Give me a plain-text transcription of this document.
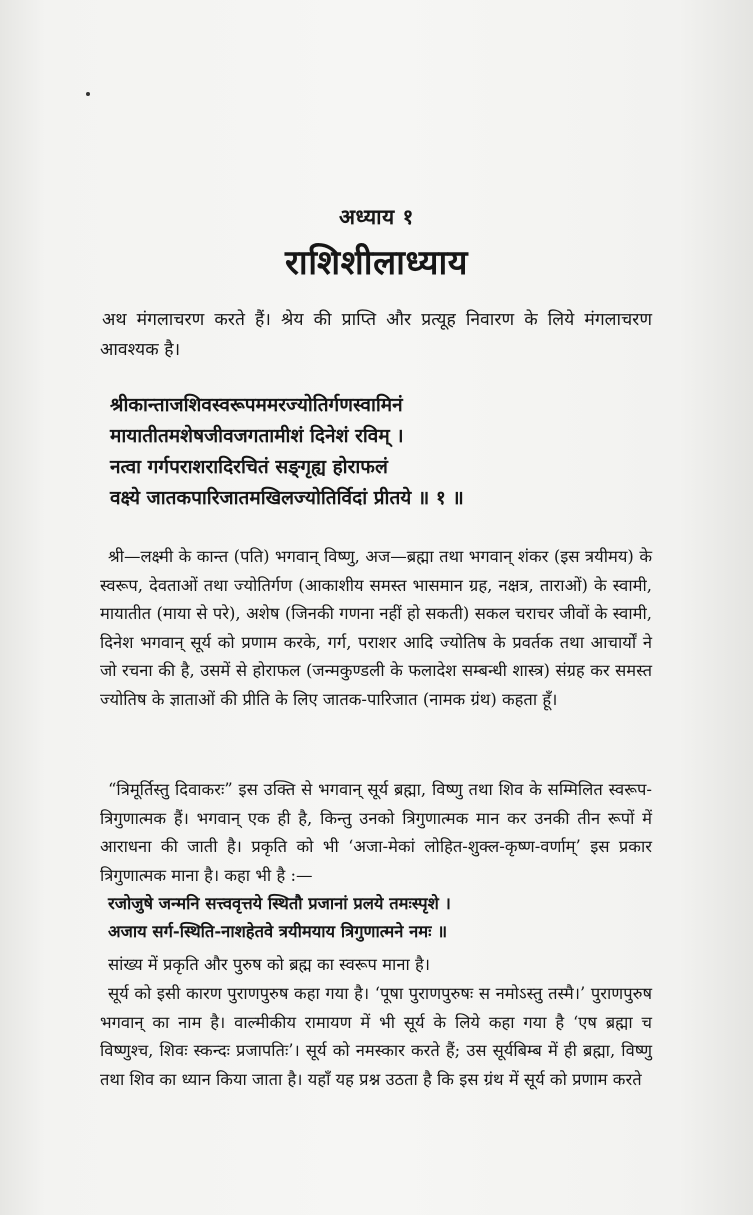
अध्याय १
राशिशीलाध्याय

अथ मंगलाचरण करते हैं। श्रेय की प्राप्ति और प्रत्यूह निवारण के लिये मंगलाचरण आवश्यक है।

श्रीकान्ताजशिवस्वरूपममरज्योतिर्गणस्वामिनं
मायातीतमशेषजीवजगतामीशं दिनेशं रविम् ।
नत्वा गर्गपराशरादिरचितं सङ्गृह्य होराफलं
वक्ष्ये जातकपारिजातमखिलज्योतिर्विदां प्रीतये ॥ १ ॥

श्री—लक्ष्मी के कान्त (पति) भगवान् विष्णु, अज—ब्रह्मा तथा भगवान् शंकर (इस त्रयीमय) के स्वरूप, देवताओं तथा ज्योतिर्गण (आकाशीय समस्त भासमान ग्रह, नक्षत्र, ताराओं) के स्वामी, मायातीत (माया से परे), अशेष (जिनकी गणना नहीं हो सकती) सकल चराचर जीवों के स्वामी, दिनेश भगवान् सूर्य को प्रणाम करके, गर्ग, पराशर आदि ज्योतिष के प्रवर्तक तथा आचार्यों ने जो रचना की है, उसमें से होराफल (जन्मकुण्डली के फलादेश सम्बन्धी शास्त्र) संग्रह कर समस्त ज्योतिष के ज्ञाताओं की प्रीति के लिए जातक-पारिजात (नामक ग्रंथ) कहता हूँ।

“त्रिमूर्तिस्तु दिवाकरः” इस उक्ति से भगवान् सूर्य ब्रह्मा, विष्णु तथा शिव के सम्मिलित स्वरूप-त्रिगुणात्मक हैं। भगवान् एक ही है, किन्तु उनको त्रिगुणात्मक मान कर उनकी तीन रूपों में आराधना की जाती है। प्रकृति को भी ‘अजा-मेकां लोहित-शुक्ल-कृष्ण-वर्णाम्’ इस प्रकार त्रिगुणात्मक माना है। कहा भी है :—

रजोजुषे जन्मनि सत्त्ववृत्तये स्थितौ प्रजानां प्रलये तमःस्पृशे ।
अजाय सर्ग-स्थिति-नाशहेतवे त्रयीमयाय त्रिगुणात्मने नमः ॥

सांख्य में प्रकृति और पुरुष को ब्रह्म का स्वरूप माना है।

सूर्य को इसी कारण पुराणपुरुष कहा गया है। ‘पूषा पुराणपुरुषः स नमोऽस्तु तस्मै।’ पुराणपुरुष भगवान् का नाम है। वाल्मीकीय रामायण में भी सूर्य के लिये कहा गया है ‘एष ब्रह्मा च विष्णुश्च, शिवः स्कन्दः प्रजापतिः’। सूर्य को नमस्कार करते हैं; उस सूर्यबिम्ब में ही ब्रह्मा, विष्णु तथा शिव का ध्यान किया जाता है। यहाँ यह प्रश्न उठता है कि इस ग्रंथ में सूर्य को प्रणाम करते
